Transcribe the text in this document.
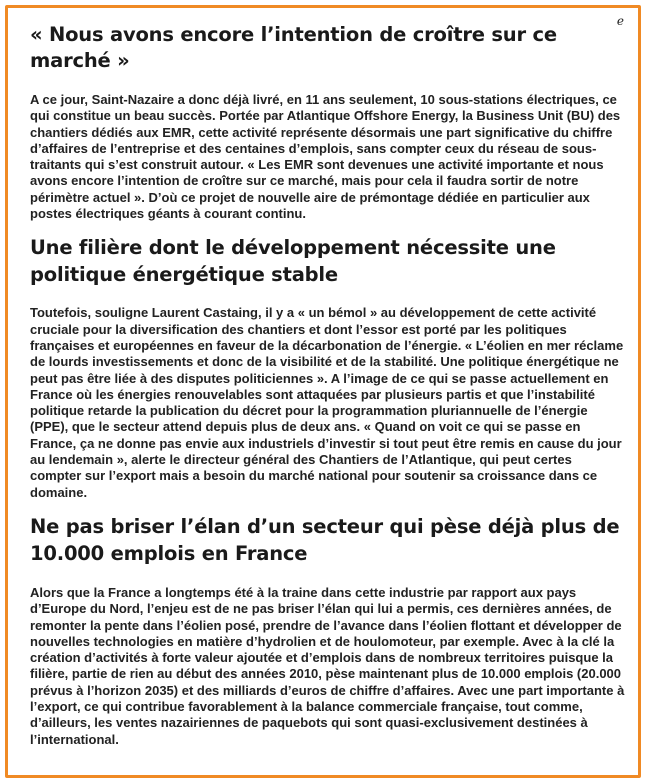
e
« Nous avons encore l’intention de croître sur ce marché »

A ce jour, Saint-Nazaire a donc déjà livré, en 11 ans seulement, 10 sous-stations électriques, ce qui constitue un beau succès. Portée par Atlantique Offshore Energy, la Business Unit (BU) des chantiers dédiés aux EMR, cette activité représente désormais une part significative du chiffre d’affaires de l’entreprise et des centaines d’emplois, sans compter ceux du réseau de sous-traitants qui s’est construit autour. « Les EMR sont devenues une activité importante et nous avons encore l’intention de croître sur ce marché, mais pour cela il faudra sortir de notre périmètre actuel ». D’où ce projet de nouvelle aire de prémontage dédiée en particulier aux postes électriques géants à courant continu.

Une filière dont le développement nécessite une politique énergétique stable

Toutefois, souligne Laurent Castaing, il y a « un bémol » au développement de cette activité cruciale pour la diversification des chantiers et dont l’essor est porté par les politiques françaises et européennes en faveur de la décarbonation de l’énergie. « L’éolien en mer réclame de lourds investissements et donc de la visibilité et de la stabilité. Une politique énergétique ne peut pas être liée à des disputes politiciennes ». A l’image de ce qui se passe actuellement en France où les énergies renouvelables sont attaquées par plusieurs partis et que l’instabilité politique retarde la publication du décret pour la programmation pluriannuelle de l’énergie (PPE), que le secteur attend depuis plus de deux ans. « Quand on voit ce qui se passe en France, ça ne donne pas envie aux industriels d’investir si tout peut être remis en cause du jour au lendemain », alerte le directeur général des Chantiers de l’Atlantique, qui peut certes compter sur l’export mais a besoin du marché national pour soutenir sa croissance dans ce domaine.

Ne pas briser l’élan d’un secteur qui pèse déjà plus de 10.000 emplois en France

Alors que la France a longtemps été à la traine dans cette industrie par rapport aux pays d’Europe du Nord, l’enjeu est de ne pas briser l’élan qui lui a permis, ces dernières années, de remonter la pente dans l’éolien posé, prendre de l’avance dans l’éolien flottant et développer de nouvelles technologies en matière d’hydrolien et de houlomoteur, par exemple. Avec à la clé la création d’activités à forte valeur ajoutée et d’emplois dans de nombreux territoires puisque la filière, partie de rien au début des années 2010, pèse maintenant plus de 10.000 emplois (20.000 prévus à l’horizon 2035) et des milliards d’euros de chiffre d’affaires. Avec une part importante à l’export, ce qui contribue favorablement à la balance commerciale française, tout comme, d’ailleurs, les ventes nazairiennes de paquebots qui sont quasi-exclusivement destinées à l’international.
